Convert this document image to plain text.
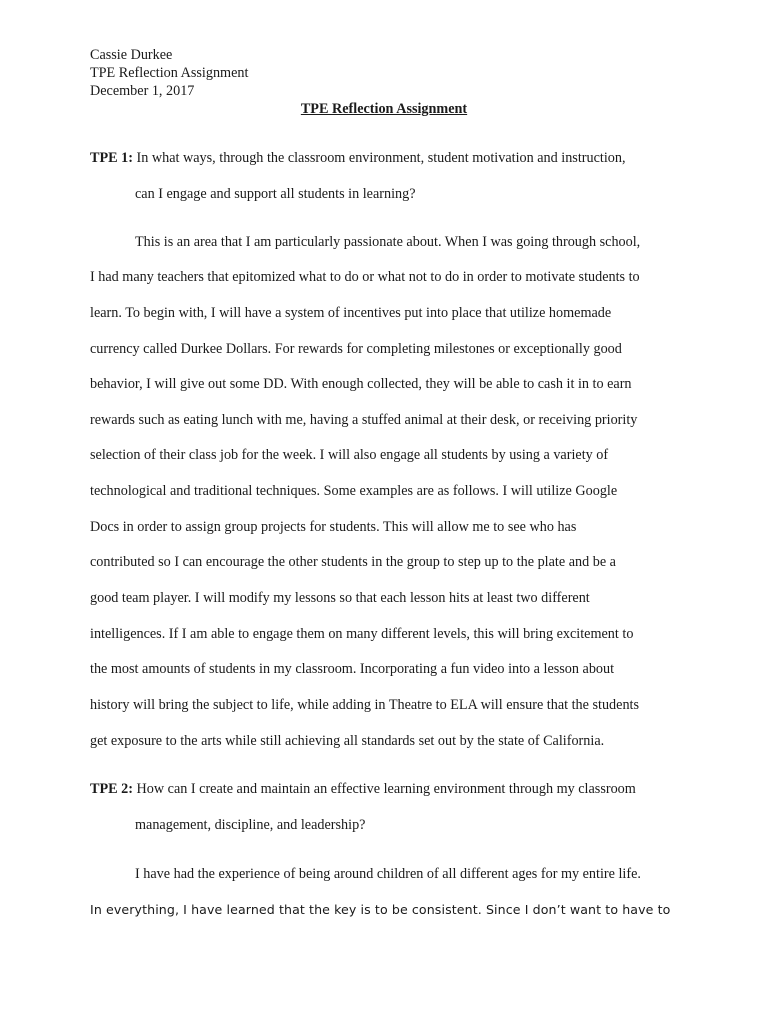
Cassie Durkee
TPE Reflection Assignment
December 1, 2017
TPE Reflection Assignment
TPE 1: In what ways, through the classroom environment, student motivation and instruction,
can I engage and support all students in learning?
This is an area that I am particularly passionate about. When I was going through school,
I had many teachers that epitomized what to do or what not to do in order to motivate students to
learn. To begin with, I will have a system of incentives put into place that utilize homemade
currency called Durkee Dollars. For rewards for completing milestones or exceptionally good
behavior, I will give out some DD. With enough collected, they will be able to cash it in to earn
rewards such as eating lunch with me, having a stuffed animal at their desk, or receiving priority
selection of their class job for the week. I will also engage all students by using a variety of
technological and traditional techniques. Some examples are as follows. I will utilize Google
Docs in order to assign group projects for students. This will allow me to see who has
contributed so I can encourage the other students in the group to step up to the plate and be a
good team player. I will modify my lessons so that each lesson hits at least two different
intelligences. If I am able to engage them on many different levels, this will bring excitement to
the most amounts of students in my classroom. Incorporating a fun video into a lesson about
history will bring the subject to life, while adding in Theatre to ELA will ensure that the students
get exposure to the arts while still achieving all standards set out by the state of California.
TPE 2: How can I create and maintain an effective learning environment through my classroom
management, discipline, and leadership?
I have had the experience of being around children of all different ages for my entire life.
In everything, I have learned that the key is to be consistent. Since I don’t want to have to
